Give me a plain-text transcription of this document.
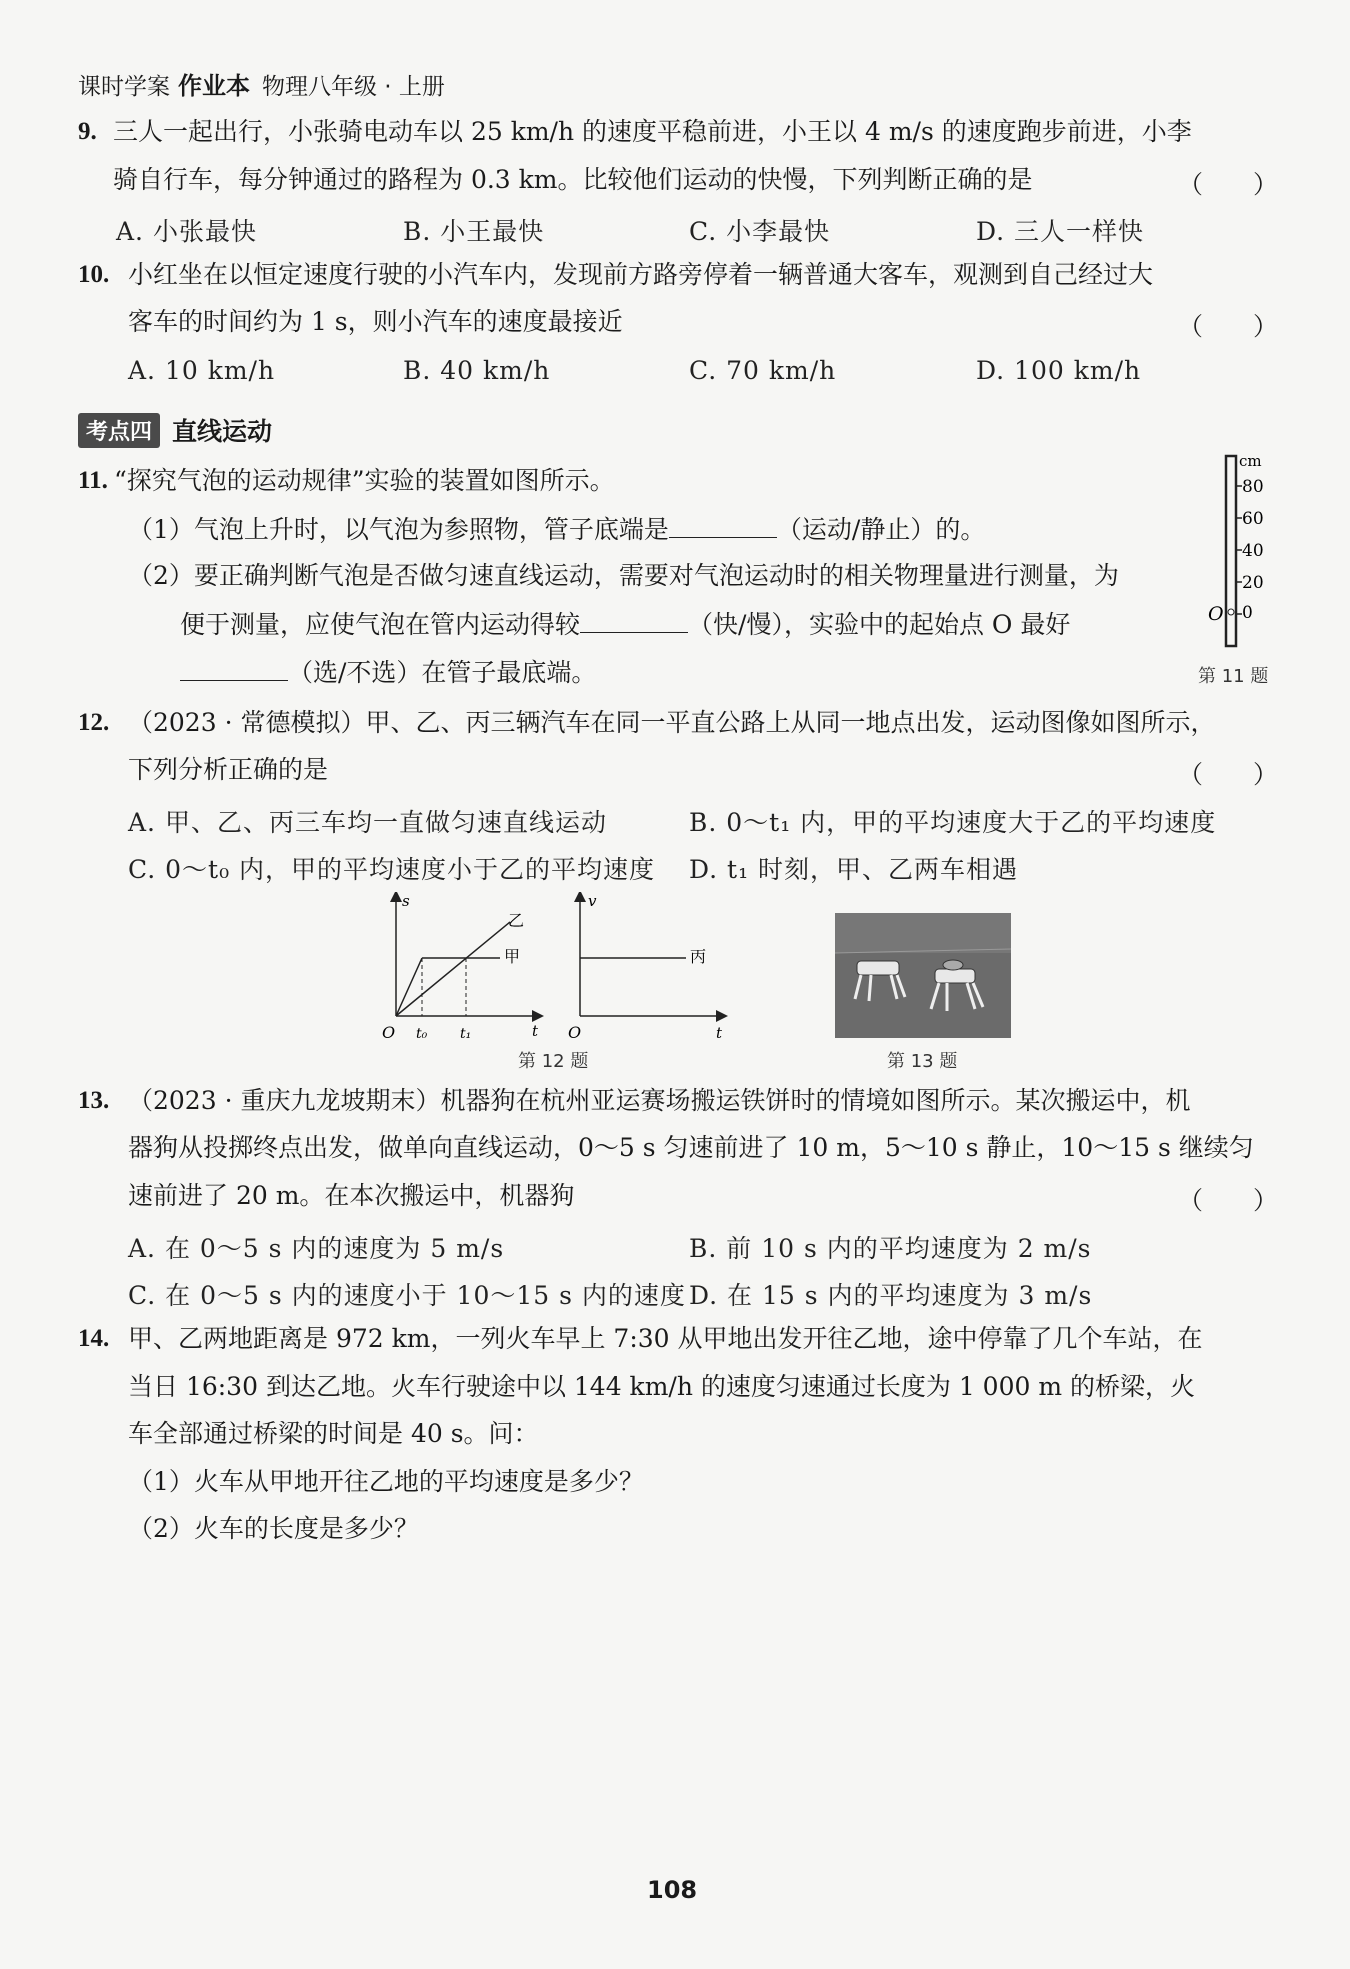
课时学案 作业本 物理八年级 · 上册
9. 三人一起出行，小张骑电动车以 25 km/h 的速度平稳前进，小王以 4 m/s 的速度跑步前进，小李
骑自行车，每分钟通过的路程为 0.3 km。比较他们运动的快慢，下列判断正确的是	（　　）
A. 小张最快	B. 小王最快	C. 小李最快	D. 三人一样快
10. 小红坐在以恒定速度行驶的小汽车内，发现前方路旁停着一辆普通大客车，观测到自己经过大
客车的时间约为 1 s，则小汽车的速度最接近	（　　）
A. 10 km/h	B. 40 km/h	C. 70 km/h	D. 100 km/h
考点四 直线运动
11. “探究气泡的运动规律”实验的装置如图所示。
（1）气泡上升时，以气泡为参照物，管子底端是	（运动/静止）的。
（2）要正确判断气泡是否做匀速直线运动，需要对气泡运动时的相关物理量进行测量，为
便于测量，应使气泡在管内运动得较	（快/慢），实验中的起始点 O 最好
（选/不选）在管子最底端。	第 11 题
cm
80
60
40
20
0
O
12. （2023 · 常德模拟）甲、乙、丙三辆汽车在同一平直公路上从同一地点出发，运动图像如图所示，
下列分析正确的是	（　　）
A. 甲、乙、丙三车均一直做匀速直线运动	B. 0～t₁ 内，甲的平均速度大于乙的平均速度
C. 0～t₀ 内，甲的平均速度小于乙的平均速度 D. t₁ 时刻，甲、乙两车相遇
s
t
O t₀ t₁
乙
甲
v
t
O
丙
第 12 题	第 13 题
13. （2023 · 重庆九龙坡期末）机器狗在杭州亚运赛场搬运铁饼时的情境如图所示。某次搬运中，机
器狗从投掷终点出发，做单向直线运动，0～5 s 匀速前进了 10 m，5～10 s 静止，10～15 s 继续匀
速前进了 20 m。在本次搬运中，机器狗	（　　）
A. 在 0～5 s 内的速度为 5 m/s	B. 前 10 s 内的平均速度为 2 m/s
C. 在 0～5 s 内的速度小于 10～15 s 内的速度 D. 在 15 s 内的平均速度为 3 m/s
14. 甲、乙两地距离是 972 km，一列火车早上 7:30 从甲地出发开往乙地，途中停靠了几个车站，在
当日 16:30 到达乙地。火车行驶途中以 144 km/h 的速度匀速通过长度为 1 000 m 的桥梁，火
车全部通过桥梁的时间是 40 s。问：
（1）火车从甲地开往乙地的平均速度是多少？
（2）火车的长度是多少？
108
